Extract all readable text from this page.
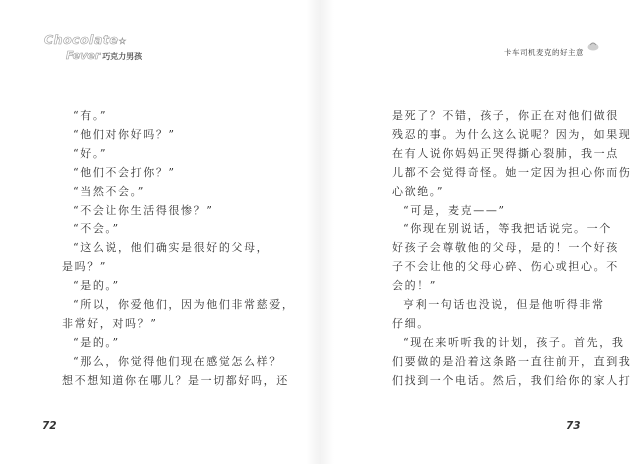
Chocolate☆
Fever 巧克力男孩
“有。”
“他们对你好吗？”
“好。”
“他们不会打你？”
“当然不会。”
“不会让你生活得很惨？”
“不会。”
“这么说，他们确实是很好的父母，
是吗？”
“是的。”
“所以，你爱他们，因为他们非常慈爱，
非常好，对吗？”
“是的。”
“那么，你觉得他们现在感觉怎么样？
想不想知道你在哪儿？是一切都好吗，还
72
卡车司机麦克的好主意
是死了？不错，孩子，你正在对他们做很
残忍的事。为什么这么说呢？因为，如果现
在有人说你妈妈正哭得撕心裂肺，我一点
儿都不会觉得奇怪。她一定因为担心你而伤
心欲绝。”
“可是，麦克——”
“你现在别说话，等我把话说完。一个
好孩子会尊敬他的父母，是的！一个好孩
子不会让他的父母心碎、伤心或担心。不
会的！”
亨利一句话也没说，但是他听得非常
仔细。
“现在来听听我的计划，孩子。首先，我
们要做的是沿着这条路一直往前开，直到我
们找到一个电话。然后，我们给你的家人打
73
